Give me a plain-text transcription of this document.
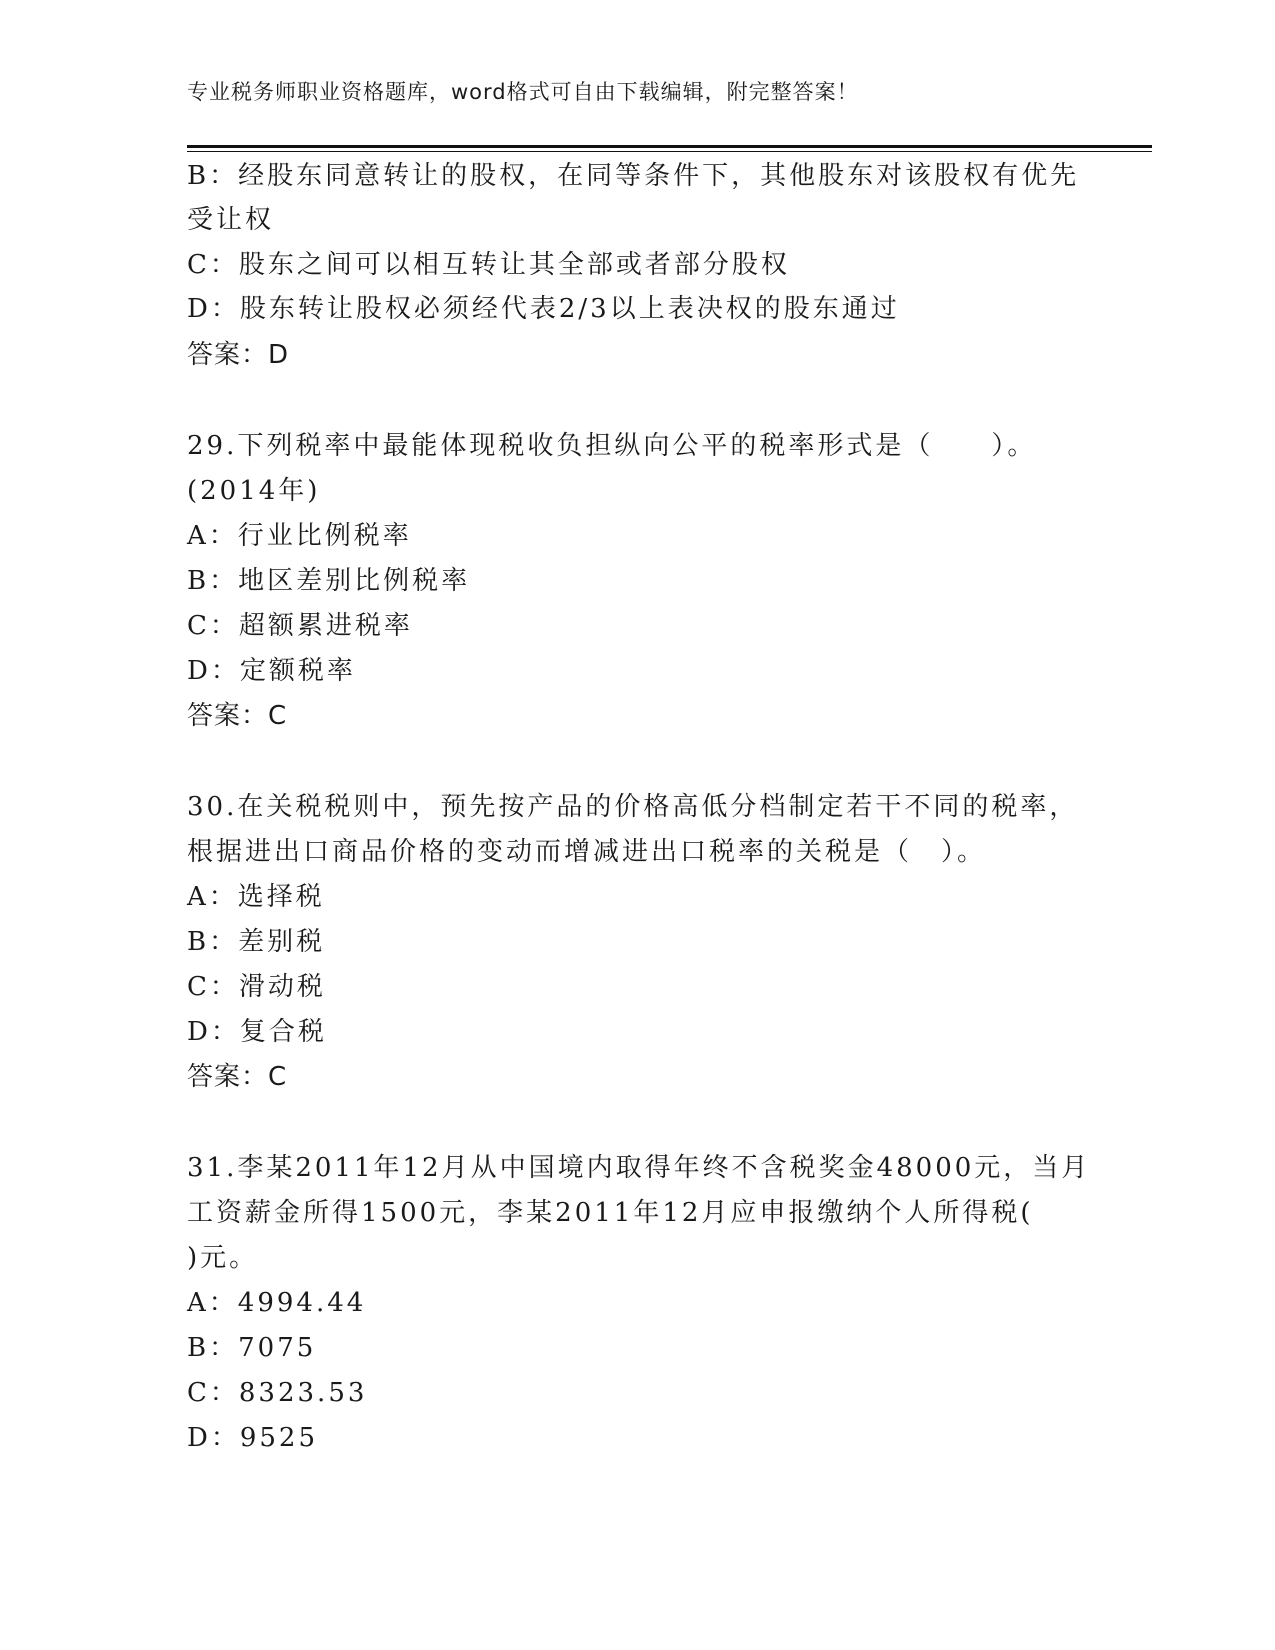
专业税务师职业资格题库，word格式可自由下载编辑，附完整答案！
B：经股东同意转让的股权，在同等条件下，其他股东对该股权有优先
受让权
C：股东之间可以相互转让其全部或者部分股权
D：股东转让股权必须经代表2/3以上表决权的股东通过
答案：D
29.下列税率中最能体现税收负担纵向公平的税率形式是（　　）。
(2014年)
A：行业比例税率
B：地区差别比例税率
C：超额累进税率
D：定额税率
答案：C
30.在关税税则中，预先按产品的价格高低分档制定若干不同的税率，
根据进出口商品价格的变动而增减进出口税率的关税是（　）。
A：选择税
B：差别税
C：滑动税
D：复合税
答案：C
31.李某2011年12月从中国境内取得年终不含税奖金48000元，当月
工资薪金所得1500元，李某2011年12月应申报缴纳个人所得税(
)元。
A：4994.44
B：7075
C：8323.53
D：9525
